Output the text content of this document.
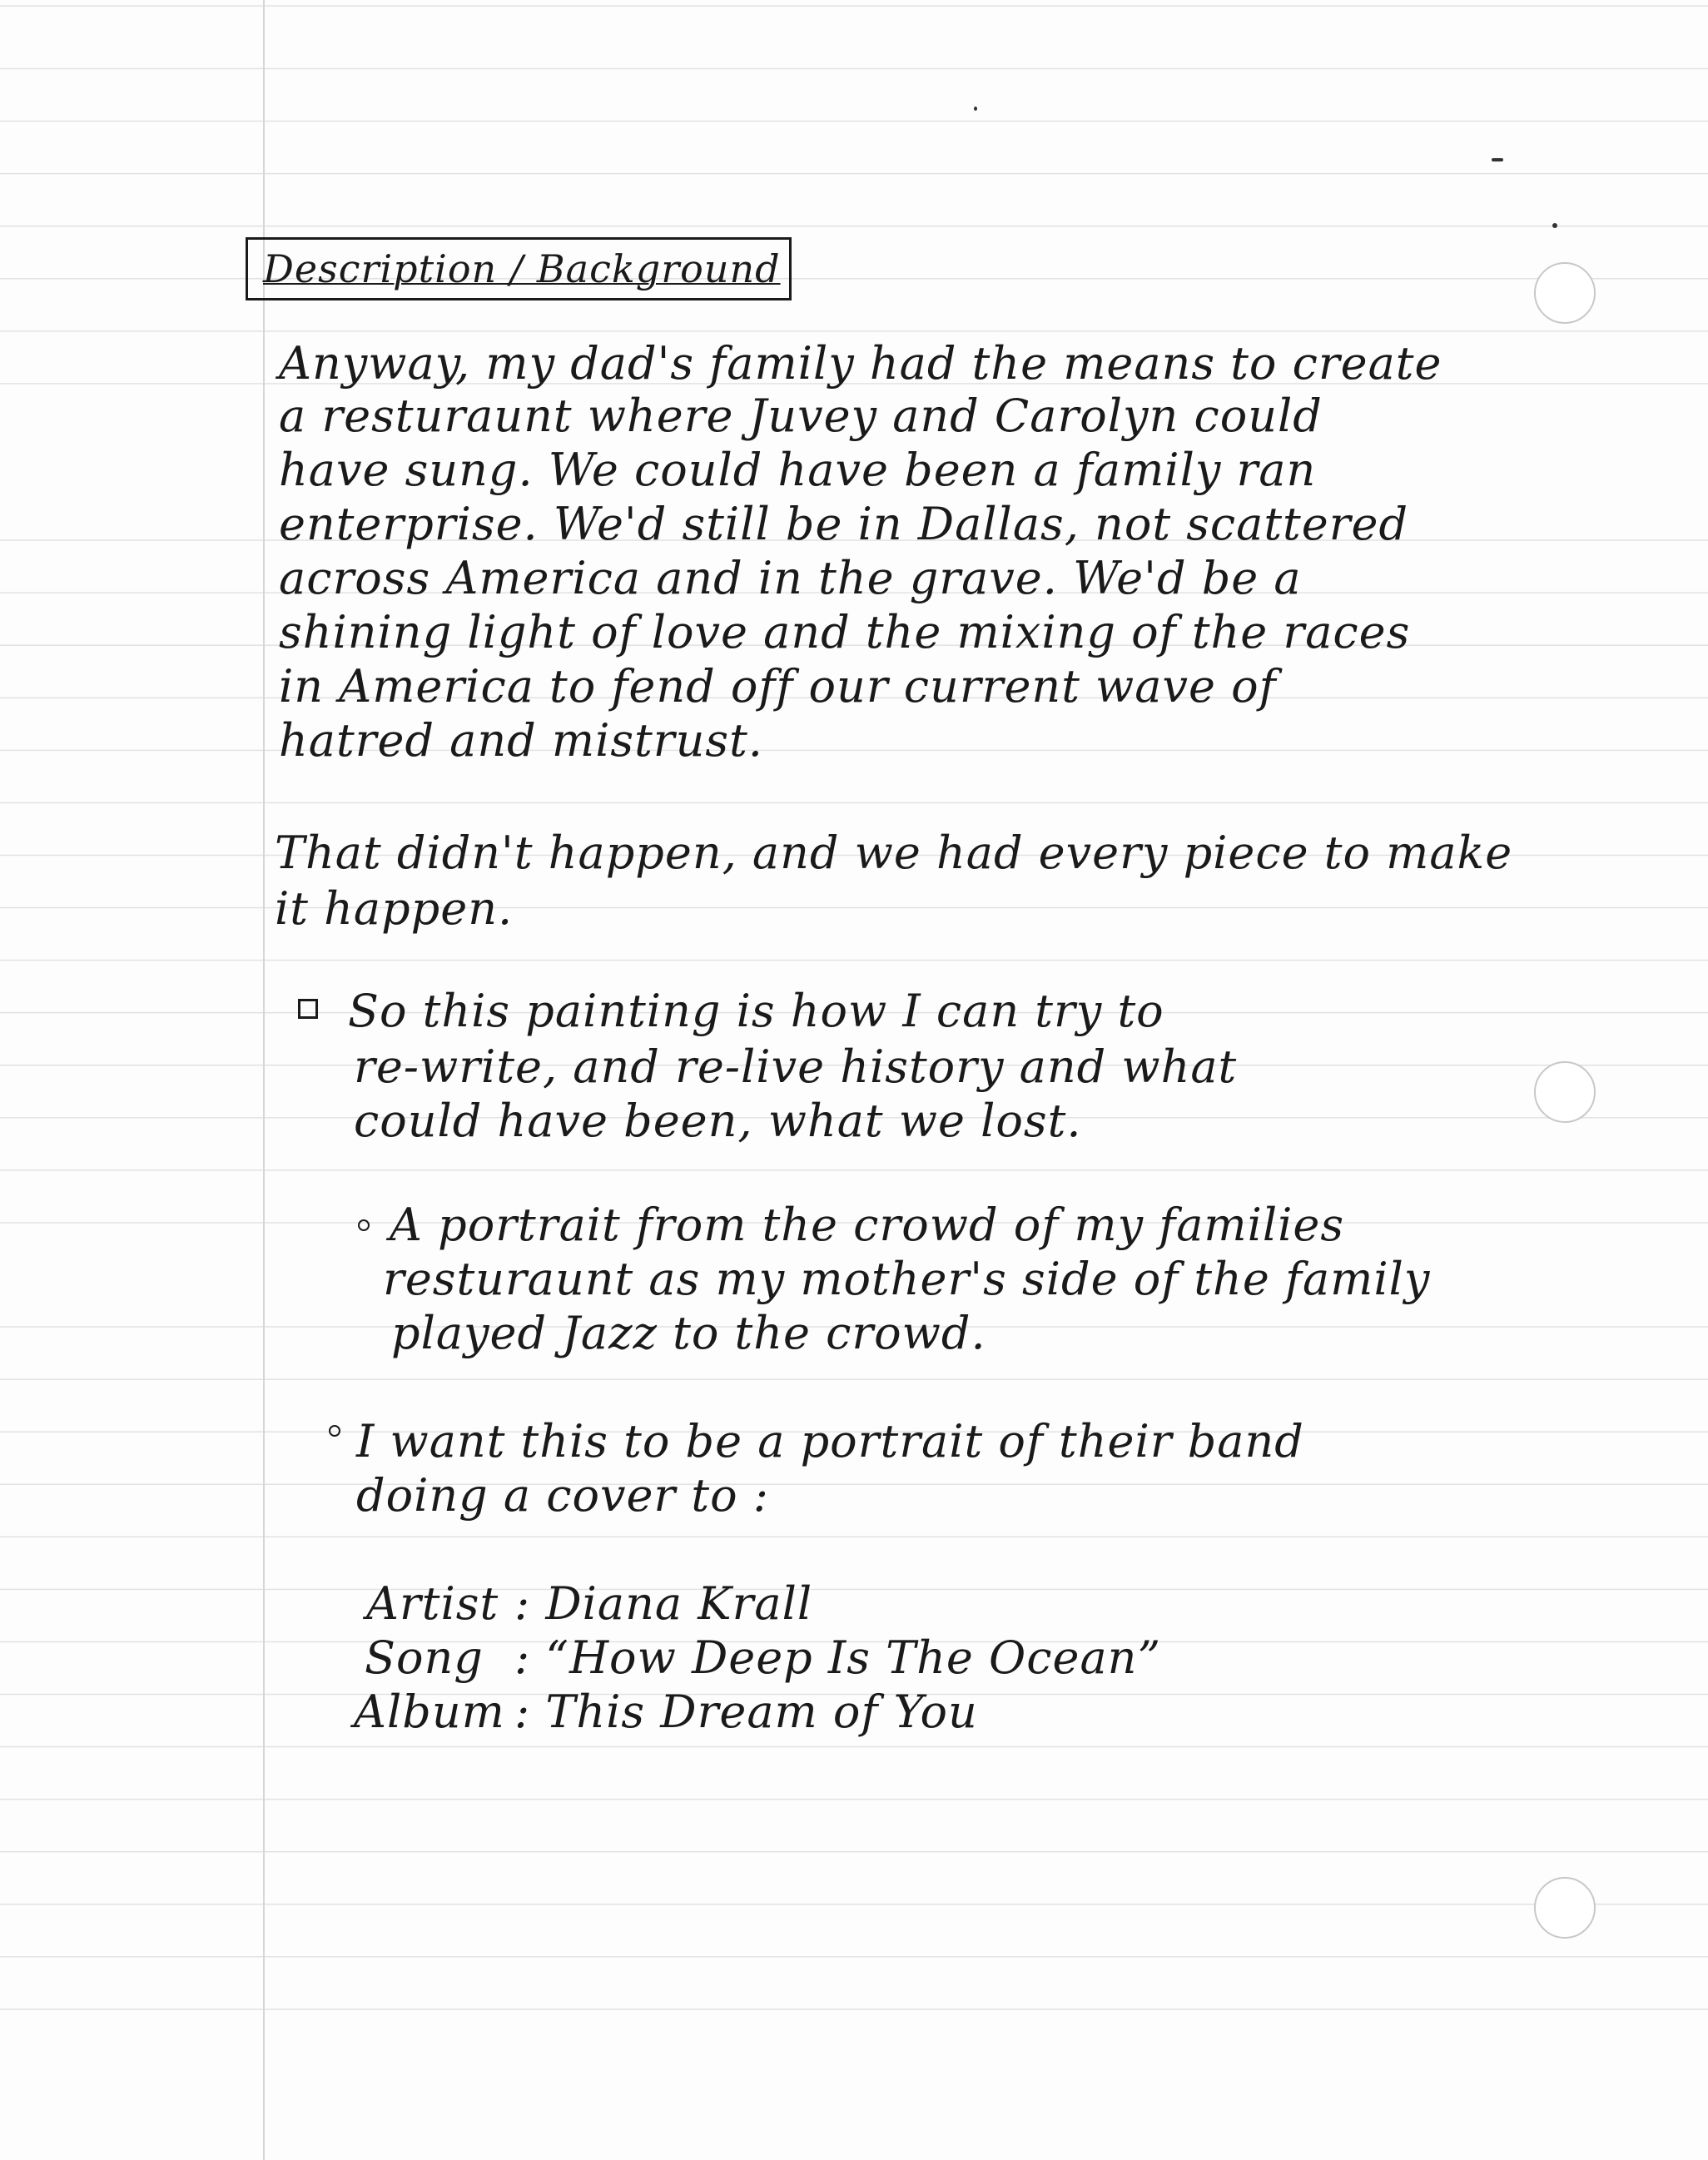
Description / Background
Anyway, my dad's family had the means to create
a resturaunt where Juvey and Carolyn could
have sung. We could have been a family ran
enterprise. We'd still be in Dallas, not scattered
across America and in the grave. We'd be a
shining light of love and the mixing of the races
in America to fend off our current wave of
hatred and mistrust.
That didn't happen, and we had every piece to make
it happen.
So this painting is how I can try to
re-write, and re-live history and what
could have been, what we lost.
A portrait from the crowd of my families
resturaunt as my mother's side of the family
played Jazz to the crowd.
I want this to be a portrait of their band
doing a cover to :
Artist : Diana Krall
Song : “How Deep Is The Ocean”
Album : This Dream of You
